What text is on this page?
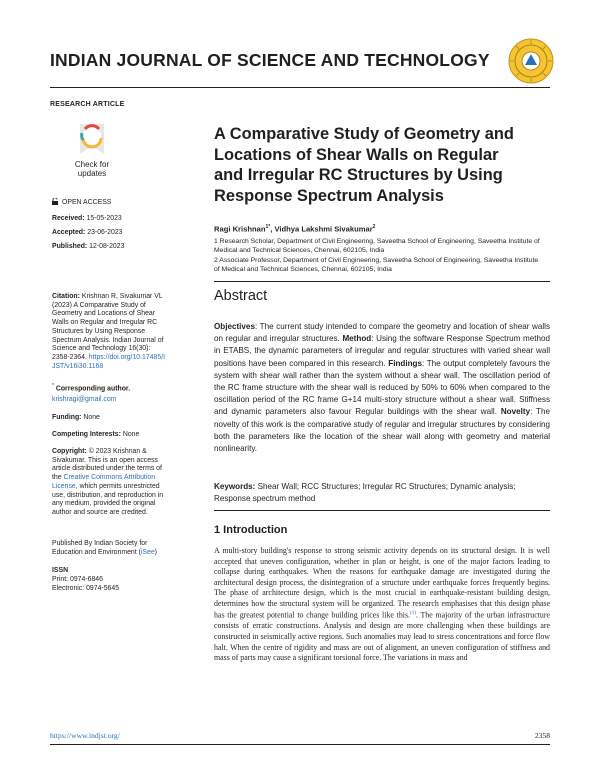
INDIAN JOURNAL OF SCIENCE AND TECHNOLOGY
RESEARCH ARTICLE
Check for
updates
OPEN ACCESS
Received: 15-05-2023
Accepted: 23-06-2023
Published: 12-08-2023
Citation: Krishnan R, Sivakumar VL (2023) A Comparative Study of Geometry and Locations of Shear Walls on Regular and Irregular RC Structures by Using Response Spectrum Analysis. Indian Journal of Science and Technology 16(30): 2358-2364. https://doi.org/10.17485/IJST/v16i30.1168
* Corresponding author.
krishragi@gmail.com
Funding: None
Competing Interests: None
Copyright: © 2023 Krishnan & Sivakumar. This is an open access article distributed under the terms of the Creative Commons Attribution License, which permits unrestricted use, distribution, and reproduction in any medium, provided the original author and source are credited.
Published By Indian Society for Education and Environment (iSee)
ISSN
Print: 0974-6846
Electronic: 0974-5645
A Comparative Study of Geometry and
Locations of Shear Walls on Regular
and Irregular RC Structures by Using
Response Spectrum Analysis
Ragi Krishnan$^{1*}$, Vidhya Lakshmi Sivakumar$^2$
1 Research Scholar, Department of Civil Engineering, Saveetha School of Engineering, Saveetha Institute of Medical and Technical Sciences, Chennai, 602105, India
2 Associate Professor, Department of Civil Engineering, Saveetha School of Engineering, Saveetha Institute of Medical and Technical Sciences, Chennai, 602105, India
Abstract
Objectives: The current study intended to compare the geometry and location of shear walls on regular and irregular structures. Method: Using the software Response Spectrum method in ETABS, the dynamic parameters of irregular and regular structures with varied shear wall positions have been compared in this research. Findings: The output completely favours the system with shear wall rather than the system without a shear wall. The oscillation period of the RC frame structure with the shear wall is reduced by 50% to 60% when compared to the oscillation period of the RC frame G+14 multi-story structure without a shear wall. Stiffness and dynamic parameters also favour Regular buildings with the shear wall. Novelty: The novelty of this work is the comparative study of regular and irregular structures by considering both the parameters like the location of the shear wall along with geometry and material nonlinearity.
Keywords: Shear Wall; RCC Structures; Irregular RC Structures; Dynamic analysis; Response spectrum method
1 Introduction
A multi-story building's response to strong seismic activity depends on its structural design. It is well accepted that uneven configuration, whether in plan or height, is one of the major factors leading to collapse during earthquakes. When the reasons for earthquake damage are investigated during the architectural design process, the disintegration of a structure under earthquake forces frequently begins. The phase of architecture design, which is the most crucial in earthquake-resistant building design, determines how the structural system will be organized. The research emphasises that this design phase has the greatest potential to change building prices like this.$^{(1)}$. The majority of the urban infrastructure consists of erratic constructions. Analysis and design are more challenging when these buildings are constructed in seismically active regions. Such anomalies may lead to stress concentrations and force flow halt. When the centre of rigidity and mass are out of alignment, an uneven configuration of stiffness and mass of parts may cause a significant torsional force. The variations in mass and
https://www.indjst.org/	2358
